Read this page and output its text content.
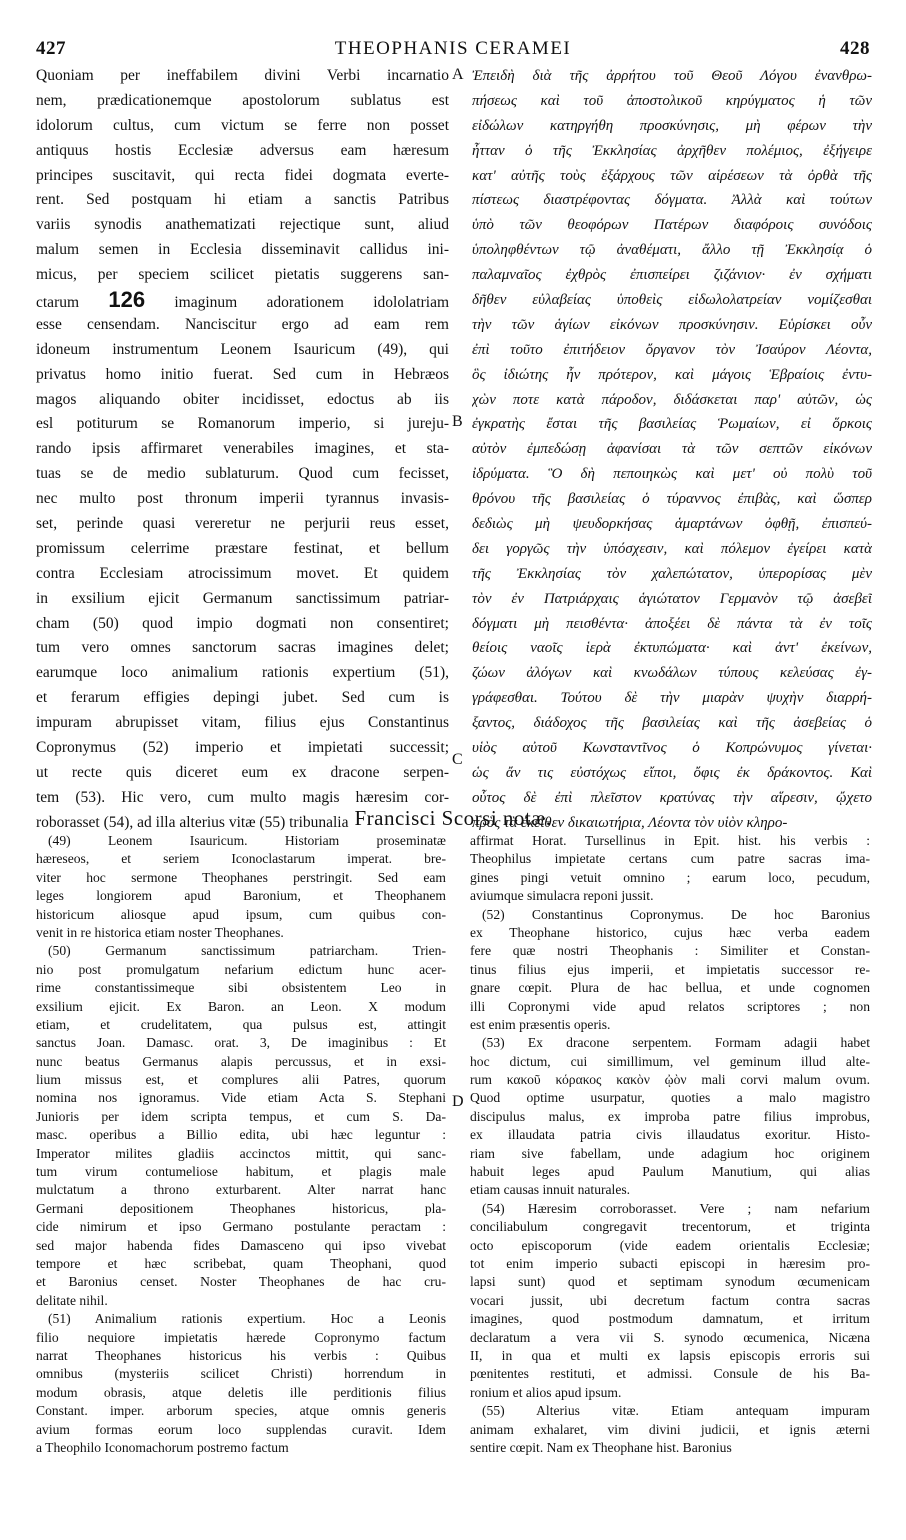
427	THEOPHANIS CERAMEI	428
A
B
C
D
Quoniam per ineffabilem divini Verbi incarnatio
nem, prædicationemque apostolorum sublatus est
idolorum cultus, cum victum se ferre non posset
antiquus hostis Ecclesiæ adversus eam hæresum
principes suscitavit, qui recta fidei dogmata everte-
rent. Sed postquam hi etiam a sanctis Patribus
variis synodis anathematizati rejectique sunt, aliud
malum semen in Ecclesia disseminavit callidus ini-
micus, per speciem scilicet pietatis suggerens san-
ctarum 126 imaginum adorationem idololatriam
esse censendam. Nanciscitur ergo ad eam rem
idoneum instrumentum Leonem Isauricum (49), qui
privatus homo initio fuerat. Sed cum in Hebræos
magos aliquando obiter incidisset, edoctus ab iis
esl potiturum se Romanorum imperio, si jureju-
rando ipsis affirmaret venerabiles imagines, et sta-
tuas se de medio sublaturum. Quod cum fecisset,
nec multo post thronum imperii tyrannus invasis-
set, perinde quasi vereretur ne perjurii reus esset,
promissum celerrime præstare festinat, et bellum
contra Ecclesiam atrocissimum movet. Et quidem
in exsilium ejicit Germanum sanctissimum patriar-
cham (50) quod impio dogmati non consentiret;
tum vero omnes sanctorum sacras imagines delet;
earumque loco animalium rationis expertium (51),
et ferarum effigies depingi jubet. Sed cum is
impuram abrupisset vitam, filius ejus Constantinus
Copronymus (52) imperio et impietati successit;
ut recte quis diceret eum ex dracone serpen-
tem (53). Hic vero, cum multo magis hæresim cor-
roborasset (54), ad illa alterius vitæ (55) tribunalia
Ἐπειδὴ διὰ τῆς ἀρρήτου τοῦ Θεοῦ Λόγου ἐνανθρω-
πήσεως καὶ τοῦ ἀποστολικοῦ κηρύγματος ἡ τῶν
εἰδώλων κατηργήθη προσκύνησις, μὴ φέρων τὴν
ἧτταν ὁ τῆς Ἐκκλησίας ἀρχῆθεν πολέμιος, ἐξήγειρε
κατ' αὐτῆς τοὺς ἐξάρχους τῶν αἱρέσεων τὰ ὀρθὰ τῆς
πίστεως διαστρέφοντας δόγματα. Ἀλλὰ καὶ τούτων
ὑπὸ τῶν θεοφόρων Πατέρων διαφόροις συνόδοις
ὑποληφθέντων τῷ ἀναθέματι, ἄλλο τῇ Ἐκκλησίᾳ ὁ
παλαμναῖος ἐχθρὸς ἐπισπείρει ζιζάνιον· ἐν σχήματι
δῆθεν εὐλαβείας ὑποθεὶς εἰδωλολατρείαν νομίζεσθαι
τὴν τῶν ἁγίων εἰκόνων προσκύνησιν. Εὑρίσκει οὖν
ἐπὶ τοῦτο ἐπιτήδειον ὄργανον τὸν Ἰσαύρον Λέοντα,
ὃς ἰδιώτης ἦν πρότερον, καὶ μάγοις Ἑβραίοις ἐντυ-
χὼν ποτε κατὰ πάροδον, διδάσκεται παρ' αὐτῶν, ὡς
ἐγκρατὴς ἔσται τῆς βασιλείας Ῥωμαίων, εἰ ὅρκοις
αὐτὸν ἐμπεδώσῃ ἀφανίσαι τὰ τῶν σεπτῶν εἰκόνων
ἰδρύματα. Ὃ δὴ πεποιηκὼς καὶ μετ' οὐ πολὺ τοῦ
θρόνου τῆς βασιλείας ὁ τύραννος ἐπιβὰς, καὶ ὥσπερ
δεδιὼς μὴ ψευδορκήσας ἁμαρτάνων ὀφθῇ, ἐπισπεύ-
δει γοργῶς τὴν ὑπόσχεσιν, καὶ πόλεμον ἐγείρει κατὰ
τῆς Ἐκκλησίας τὸν χαλεπώτατον, ὑπερορίσας μὲν
τὸν ἐν Πατριάρχαις ἁγιώτατον Γερμανὸν τῷ ἀσεβεῖ
δόγματι μὴ πεισθέντα· ἀποξέει δὲ πάντα τὰ ἐν τοῖς
θείοις ναοῖς ἱερὰ ἐκτυπώματα· καὶ ἀντ' ἐκείνων,
ζώων ἀλόγων καὶ κνωδάλων τύπους κελεύσας ἐγ-
γράφεσθαι. Τούτου δὲ τὴν μιαρὰν ψυχὴν διαρρή-
ξαντος, διάδοχος τῆς βασιλείας καὶ τῆς ἀσεβείας ὁ
υἱὸς αὐτοῦ Κωνσταντῖνος ὁ Κοπρώνυμος γίνεται·
ὡς ἄν τις εὐστόχως εἴποι, ὄφις ἐκ δράκοντος. Καὶ
οὗτος δὲ ἐπὶ πλεῖστον κρατύνας τὴν αἵρεσιν, ᾤχετο
πρὸς τὰ ἐκεῖθεν δικαιωτήρια, Λέοντα τὸν υἱὸν κληρο-
Francisci Scorsi notæ.
(49) Leonem Isauricum. Historiam proseminatæ
hæreseos, et seriem Iconoclastarum imperat. bre-
viter hoc sermone Theophanes perstringit. Sed eam
leges longiorem apud Baronium, et Theophanem
historicum aliosque apud ipsum, cum quibus con-
venit in re historica etiam noster Theophanes.
(50) Germanum sanctissimum patriarcham. Trien-
nio post promulgatum nefarium edictum hunc acer-
rime constantissimeque sibi obsistentem Leo in
exsilium ejicit. Ex Baron. an Leon. X modum
etiam, et crudelitatem, qua pulsus est, attingit
sanctus Joan. Damasc. orat. 3, De imaginibus : Et
nunc beatus Germanus alapis percussus, et in exsi-
lium missus est, et complures alii Patres, quorum
nomina nos ignoramus. Vide etiam Acta S. Stephani
Junioris per idem scripta tempus, et cum S. Da-
masc. operibus a Billio edita, ubi hæc leguntur :
Imperator milites gladiis accinctos mittit, qui sanc-
tum virum contumeliose habitum, et plagis male
mulctatum a throno exturbarent. Alter narrat hanc
Germani depositionem Theophanes historicus, pla-
cide nimirum et ipso Germano postulante peractam :
sed major habenda fides Damasceno qui ipso vivebat
tempore et hæc scribebat, quam Theophani, quod
et Baronius censet. Noster Theophanes de hac cru-
delitate nihil.
(51) Animalium rationis expertium. Hoc a Leonis
filio nequiore impietatis hærede Copronymo factum
narrat Theophanes historicus his verbis : Quibus
omnibus (mysteriis scilicet Christi) horrendum in
modum obrasis, atque deletis ille perditionis filius
Constant. imper. arborum species, atque omnis generis
avium formas eorum loco supplendas curavit. Idem
a Theophilo Iconomachorum postremo factum
affirmat Horat. Tursellinus in Epit. hist. his verbis :
Theophilus impietate certans cum patre sacras ima-
gines pingi vetuit omnino ; earum loco, pecudum,
aviumque simulacra reponi jussit.
(52) Constantinus Copronymus. De hoc Baronius
ex Theophane historico, cujus hæc verba eadem
fere quæ nostri Theophanis : Similiter et Constan-
tinus filius ejus imperii, et impietatis successor re-
gnare cœpit. Plura de hac bellua, et unde cognomen
illi Copronymi vide apud relatos scriptores ; non
est enim præsentis operis.
(53) Ex dracone serpentem. Formam adagii habet
hoc dictum, cui simillimum, vel geminum illud alte-
rum κακοῦ κόρακος κακὸν ᾠὸν mali corvi malum ovum.
Quod optime usurpatur, quoties a malo magistro
discipulus malus, ex improba patre filius improbus,
ex illaudata patria civis illaudatus exoritur. Histo-
riam sive fabellam, unde adagium hoc originem
habuit leges apud Paulum Manutium, qui alias
etiam causas innuit naturales.
(54) Hæresim corroborasset. Vere ; nam nefarium
conciliabulum congregavit trecentorum, et triginta
octo episcoporum (vide eadem orientalis Ecclesiæ;
tot enim imperio subacti episcopi in hæresim pro-
lapsi sunt) quod et septimam synodum œcumenicam
vocari jussit, ubi decretum factum contra sacras
imagines, quod postmodum damnatum, et irritum
declaratum a vera vii S. synodo œcumenica, Nicæna
II, in qua et multi ex lapsis episcopis erroris sui
pœnitentes restituti, et admissi. Consule de his Ba-
ronium et alios apud ipsum.
(55) Alterius vitæ. Etiam antequam impuram
animam exhalaret, vim divini judicii, et ignis æterni
sentire cœpit. Nam ex Theophane hist. Baronius
